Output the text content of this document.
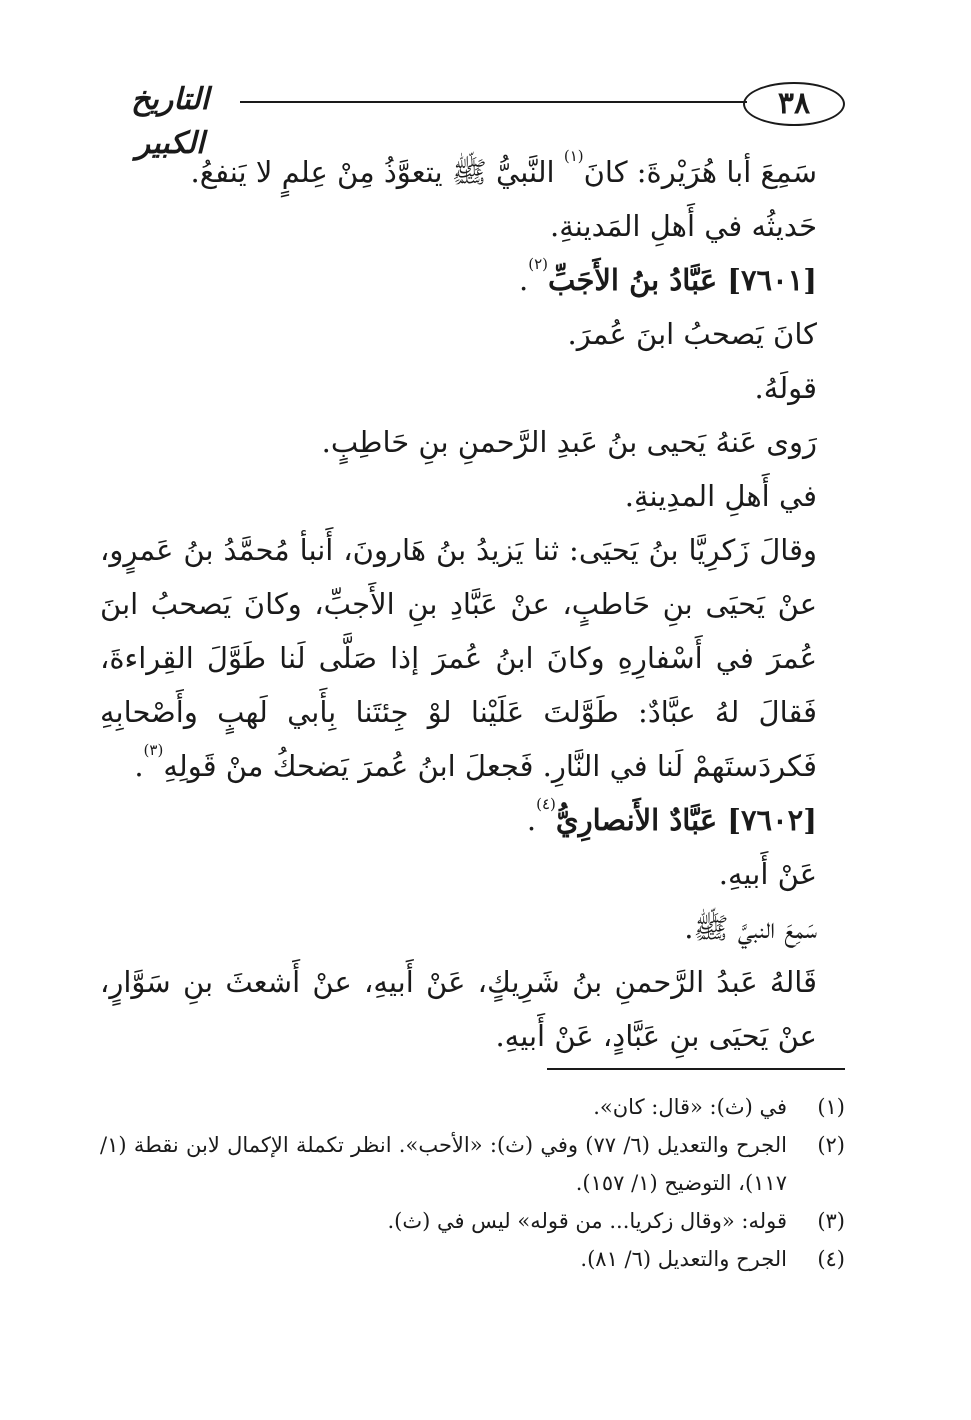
٣٨
التاريخ الكبير

سَمِعَ أبا هُرَيْرةَ: كانَ$^{(١)}$ النَّبيُّ ﷺ يتعوَّذُ مِنْ عِلمٍ لا يَنفعُ.

حَديثُه في أَهلِ المَدينةِ.

[٧٦٠١] عَبَّادُ بنُ الأَجَبِّ$^{(٢)}$.

كانَ يَصحبُ ابنَ عُمرَ.

قولَهُ.

رَوى عَنهُ يَحيى بنُ عَبدِ الرَّحمنِ بنِ حَاطِبٍ.

في أَهلِ المدِينةِ.

وقالَ زَكرِيَّا بنُ يَحيَى: ثنا يَزيدُ بنُ هَارونَ، أَنبأ مُحمَّدُ بنُ عَمرٍو، عنْ يَحيَى بنِ حَاطبٍ، عنْ عَبَّادِ بنِ الأَجبِّ، وكانَ يَصحبُ ابنَ عُمرَ في أَسْفارِهِ وكانَ ابنُ عُمرَ إذا صَلَّى لَنا طَوَّلَ القِراءةَ، فَقالَ لهُ عبَّادٌ: طَوَّلتَ عَلَيْنا لوْ جِئتَنا بِأَبي لَهبٍ وأَصْحابِهِ فَكردَستَهمْ لَنا في النَّارِ. فَجعلَ ابنُ عُمرَ يَضحكُ منْ قَولِهِ$^{(٣)}$.

[٧٦٠٢] عَبَّادٌ الأَنصارِيُّ$^{(٤)}$.

عَنْ أَبيهِ.

سَمِعَ النبيَّ ﷺ.

قَالهُ عَبدُ الرَّحمنِ بنُ شَرِيكٍ، عَنْ أَبيهِ، عنْ أَشعثَ بنِ سَوَّارٍ، عنْ يَحيَى بنِ عَبَّادٍ، عَنْ أَبيهِ.

(١)
في (ث): «قال: كان».

(٢)
الجرح والتعديل (٦/ ٧٧) وفي (ث): «الأحب». انظر تكملة الإكمال لابن نقطة (١/ ١١٧)، التوضيح (١/ ١٥٧).

(٣)
قوله: «وقال زكريا... من قوله» ليس في (ث).

(٤)
الجرح والتعديل (٦/ ٨١).
